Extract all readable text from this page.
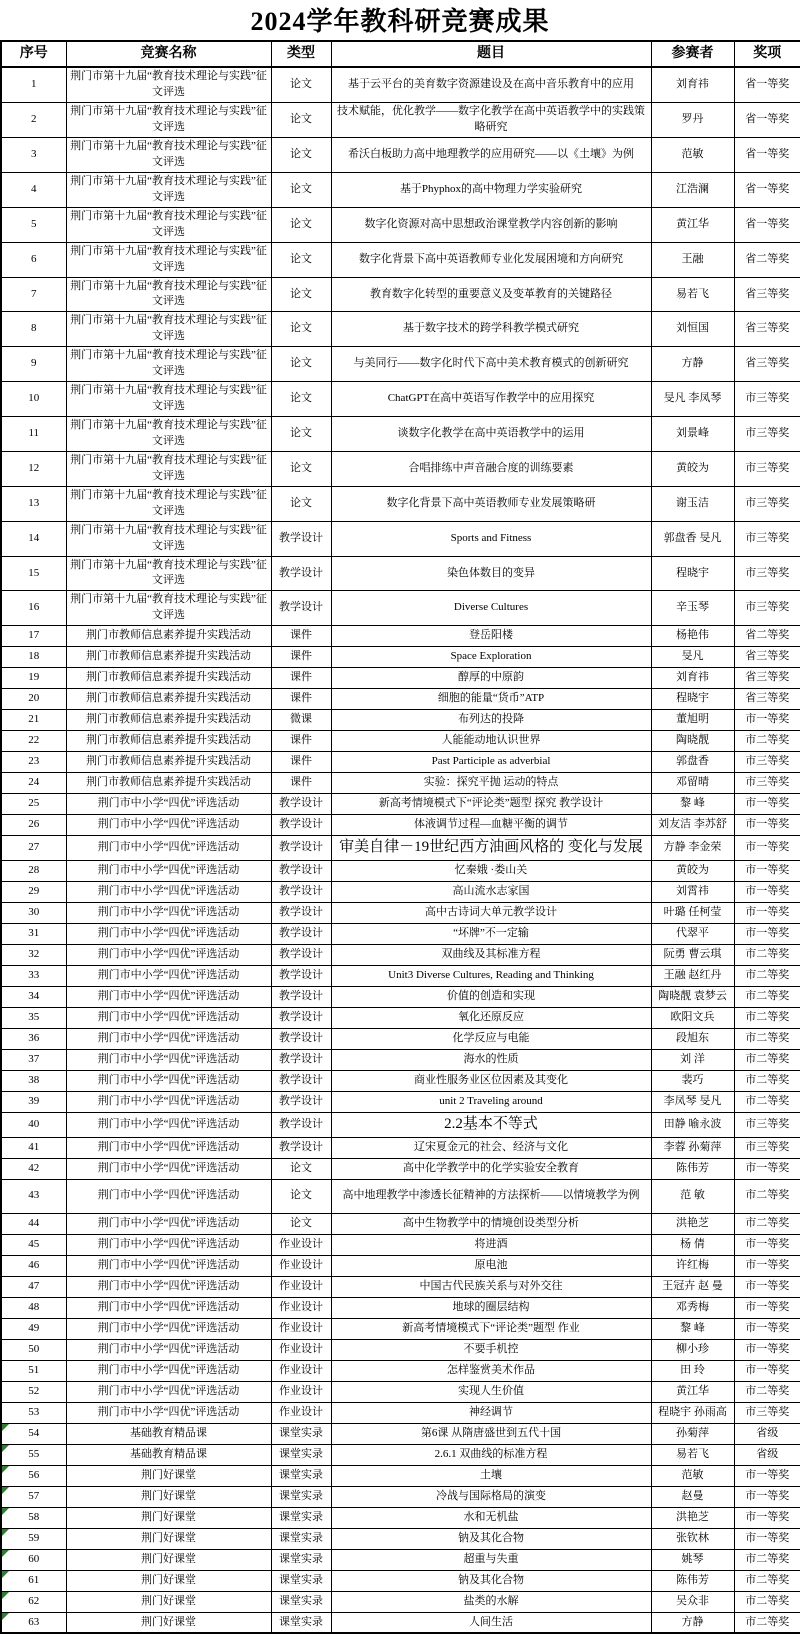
2024学年教科研竞赛成果
序号	竞赛名称	类型	题目	参赛者	奖项
1	荆门市第十九届“教育技术理论与实践”征文评选	论文	基于云平台的美育数字资源建设及在高中音乐教育中的应用	刘育祎	省一等奖
2	荆门市第十九届“教育技术理论与实践”征文评选	论文	技术赋能，优化教学——数字化教学在高中英语教学中的实践策略研究	罗丹	省一等奖
3	荆门市第十九届“教育技术理论与实践”征文评选	论文	希沃白板助力高中地理教学的应用研究——以《土壤》为例	范敏	省一等奖
4	荆门市第十九届“教育技术理论与实践”征文评选	论文	基于Phyphox的高中物理力学实验研究	江浩澜	省一等奖
5	荆门市第十九届“教育技术理论与实践”征文评选	论文	数字化资源对高中思想政治课堂教学内容创新的影响	黄江华	省一等奖
6	荆门市第十九届“教育技术理论与实践”征文评选	论文	数字化背景下高中英语教师专业化发展困境和方向研究	王融	省二等奖
7	荆门市第十九届“教育技术理论与实践”征文评选	论文	教育数字化转型的重要意义及变革教育的关键路径	易若飞	省三等奖
8	荆门市第十九届“教育技术理论与实践”征文评选	论文	基于数字技术的跨学科教学模式研究	刘恒国	省三等奖
9	荆门市第十九届“教育技术理论与实践”征文评选	论文	与美同行——数字化时代下高中美术教育模式的创新研究	方静	省三等奖
10	荆门市第十九届“教育技术理论与实践”征文评选	论文	ChatGPT在高中英语写作教学中的应用探究	旻凡 李凤琴	市三等奖
11	荆门市第十九届“教育技术理论与实践”征文评选	论文	谈数字化教学在高中英语教学中的运用	刘景峰	市三等奖
12	荆门市第十九届“教育技术理论与实践”征文评选	论文	合唱排练中声音融合度的训练要素	黄皎为	市三等奖
13	荆门市第十九届“教育技术理论与实践”征文评选	论文	数字化背景下高中英语教师专业发展策略研	谢玉洁	市三等奖
14	荆门市第十九届“教育技术理论与实践”征文评选	教学设计	Sports and Fitness	郭盘香 旻凡	市三等奖
15	荆门市第十九届“教育技术理论与实践”征文评选	教学设计	染色体数目的变异	程晓宇	市三等奖
16	荆门市第十九届“教育技术理论与实践”征文评选	教学设计	Diverse Cultures	辛玉琴	市三等奖
17	荆门市教师信息素养提升实践活动	课件	登岳阳楼	杨艳伟	省二等奖
18	荆门市教师信息素养提升实践活动	课件	Space Exploration	旻凡	省三等奖
19	荆门市教师信息素养提升实践活动	课件	醇厚的中原韵	刘育祎	省三等奖
20	荆门市教师信息素养提升实践活动	课件	细胞的能量“货币”ATP	程晓宇	省三等奖
21	荆门市教师信息素养提升实践活动	微课	布列达的投降	董旭明	市一等奖
22	荆门市教师信息素养提升实践活动	课件	人能能动地认识世界	陶晓靓	市二等奖
23	荆门市教师信息素养提升实践活动	课件	Past Participle as adverbial	郭盘香	市三等奖
24	荆门市教师信息素养提升实践活动	课件	实验：探究平抛 运动的特点	邓留晴	市三等奖
25	荆门市中小学“四优”评选活动	教学设计	新高考情境模式下“评论类”题型 探究 教学设计	黎 峰	市一等奖
26	荆门市中小学“四优”评选活动	教学设计	体液调节过程—血糖平衡的调节	刘友洁 李苏舒	市一等奖
27	荆门市中小学“四优”评选活动	教学设计	审美自律－19世纪西方油画风格的 变化与发展	方静 李金荣	市一等奖
28	荆门市中小学“四优”评选活动	教学设计	忆秦娥 ·娄山关	黄皎为	市一等奖
29	荆门市中小学“四优”评选活动	教学设计	高山流水志家国	刘霄祎	市一等奖
30	荆门市中小学“四优”评选活动	教学设计	高中古诗词大单元教学设计	叶璐 任柯莹	市一等奖
31	荆门市中小学“四优”评选活动	教学设计	“坏牌”不一定输	代翠平	市一等奖
32	荆门市中小学“四优”评选活动	教学设计	双曲线及其标准方程	阮勇 曹云琪	市二等奖
33	荆门市中小学“四优”评选活动	教学设计	Unit3 Diverse Cultures, Reading and Thinking	王融 赵红丹	市二等奖
34	荆门市中小学“四优”评选活动	教学设计	价值的创造和实现	陶晓靓 袁梦云	市二等奖
35	荆门市中小学“四优”评选活动	教学设计	氧化还原反应	欧阳文兵	市二等奖
36	荆门市中小学“四优”评选活动	教学设计	化学反应与电能	段旭东	市二等奖
37	荆门市中小学“四优”评选活动	教学设计	海水的性质	刘 洋	市二等奖
38	荆门市中小学“四优”评选活动	教学设计	商业性服务业区位因素及其变化	裴巧	市二等奖
39	荆门市中小学“四优”评选活动	教学设计	unit 2 Traveling around	李凤琴 旻凡	市二等奖
40	荆门市中小学“四优”评选活动	教学设计	2.2基本不等式	田静 喻永波	市三等奖
41	荆门市中小学“四优”评选活动	教学设计	辽宋夏金元的社会、经济与文化	李蓉 孙菊萍	市三等奖
42	荆门市中小学“四优”评选活动	论文	高中化学教学中的化学实验安全教育	陈伟芳	市一等奖
43	荆门市中小学“四优”评选活动	论文	高中地理教学中渗透长征精神的方法探析——以情境教学为例	范 敏	市二等奖
44	荆门市中小学“四优”评选活动	论文	高中生物教学中的情境创设类型分析	洪艳芝	市二等奖
45	荆门市中小学“四优”评选活动	作业设计	将进酒	杨 倩	市一等奖
46	荆门市中小学“四优”评选活动	作业设计	原电池	许红梅	市一等奖
47	荆门市中小学“四优”评选活动	作业设计	中国古代民族关系与对外交往	王冠卉 赵 曼	市一等奖
48	荆门市中小学“四优”评选活动	作业设计	地球的圈层结构	邓秀梅	市一等奖
49	荆门市中小学“四优”评选活动	作业设计	新高考情境模式下“评论类”题型 作业	黎 峰	市一等奖
50	荆门市中小学“四优”评选活动	作业设计	不要手机控	柳小珍	市一等奖
51	荆门市中小学“四优”评选活动	作业设计	怎样鉴赏美术作品	田 玲	市一等奖
52	荆门市中小学“四优”评选活动	作业设计	实现人生价值	黄江华	市二等奖
53	荆门市中小学“四优”评选活动	作业设计	神经调节	程晓宇 孙雨高	市三等奖
54	基础教育精品课	课堂实录	第6课 从隋唐盛世到五代十国	孙菊萍	省级
55	基础教育精品课	课堂实录	2.6.1 双曲线的标准方程	易若飞	省级
56	荆门好课堂	课堂实录	土壤	范敏	市一等奖
57	荆门好课堂	课堂实录	冷战与国际格局的演变	赵曼	市一等奖
58	荆门好课堂	课堂实录	水和无机盐	洪艳芝	市一等奖
59	荆门好课堂	课堂实录	钠及其化合物	张钦林	市一等奖
60	荆门好课堂	课堂实录	超重与失重	姚琴	市二等奖
61	荆门好课堂	课堂实录	钠及其化合物	陈伟芳	市二等奖
62	荆门好课堂	课堂实录	盐类的水解	吴众非	市二等奖
63	荆门好课堂	课堂实录	人间生活	方静	市二等奖
